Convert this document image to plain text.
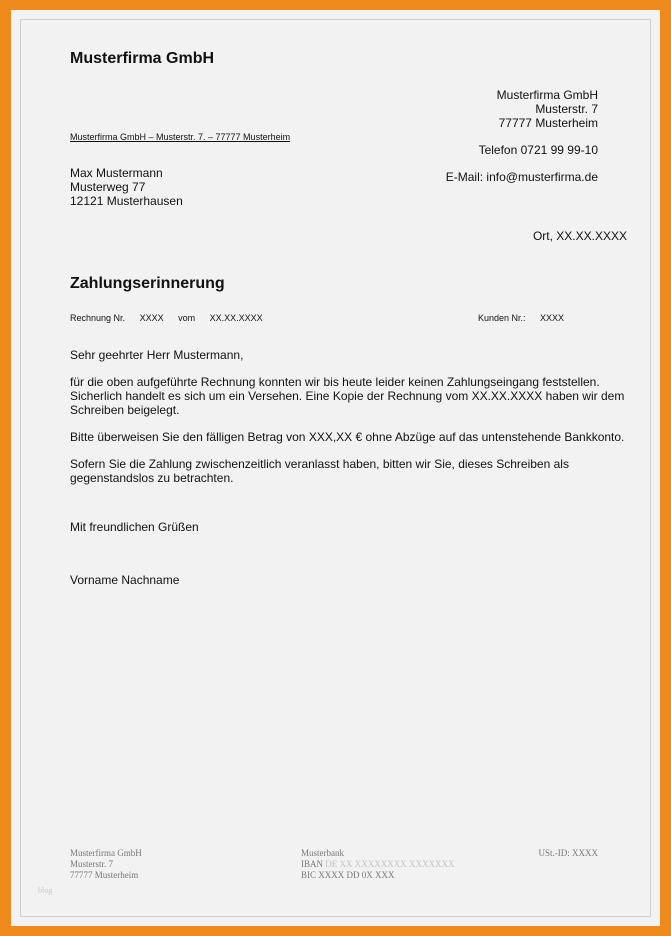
Musterfirma GmbH
Musterfirma GmbH
Musterstr. 7
77777 Musterheim
Telefon 0721 99 99-10
E-Mail: info@musterfirma.de
Musterfirma GmbH – Musterstr. 7. – 77777 Musterheim
Max Mustermann
Musterweg 77
12121 Musterhausen
Ort, XX.XX.XXXX
Zahlungserinnerung
Rechnung Nr. XXXX vom XX.XX.XXXX	Kunden Nr.: XXXX

Sehr geehrter Herr Mustermann,

für die oben aufgeführte Rechnung konnten wir bis heute leider keinen Zahlungseingang feststellen. Sicherlich handelt es sich um ein Versehen. Eine Kopie der Rechnung vom XX.XX.XXXX haben wir dem Schreiben beigelegt.

Bitte überweisen Sie den fälligen Betrag von XXX,XX € ohne Abzüge auf das untenstehende Bankkonto.

Sofern Sie die Zahlung zwischenzeitlich veranlasst haben, bitten wir Sie, dieses Schreiben als gegenstandslos zu betrachten.

Mit freundlichen Grüßen
Vorname Nachname
Musterfirma GmbH
Musterstr. 7
77777 Musterheim
Musterbank
IBAN DE XX XXXXXXXX XXXXXXX
BIC XXXX DD 0X XXX
USt.-ID: XXXX
blog
